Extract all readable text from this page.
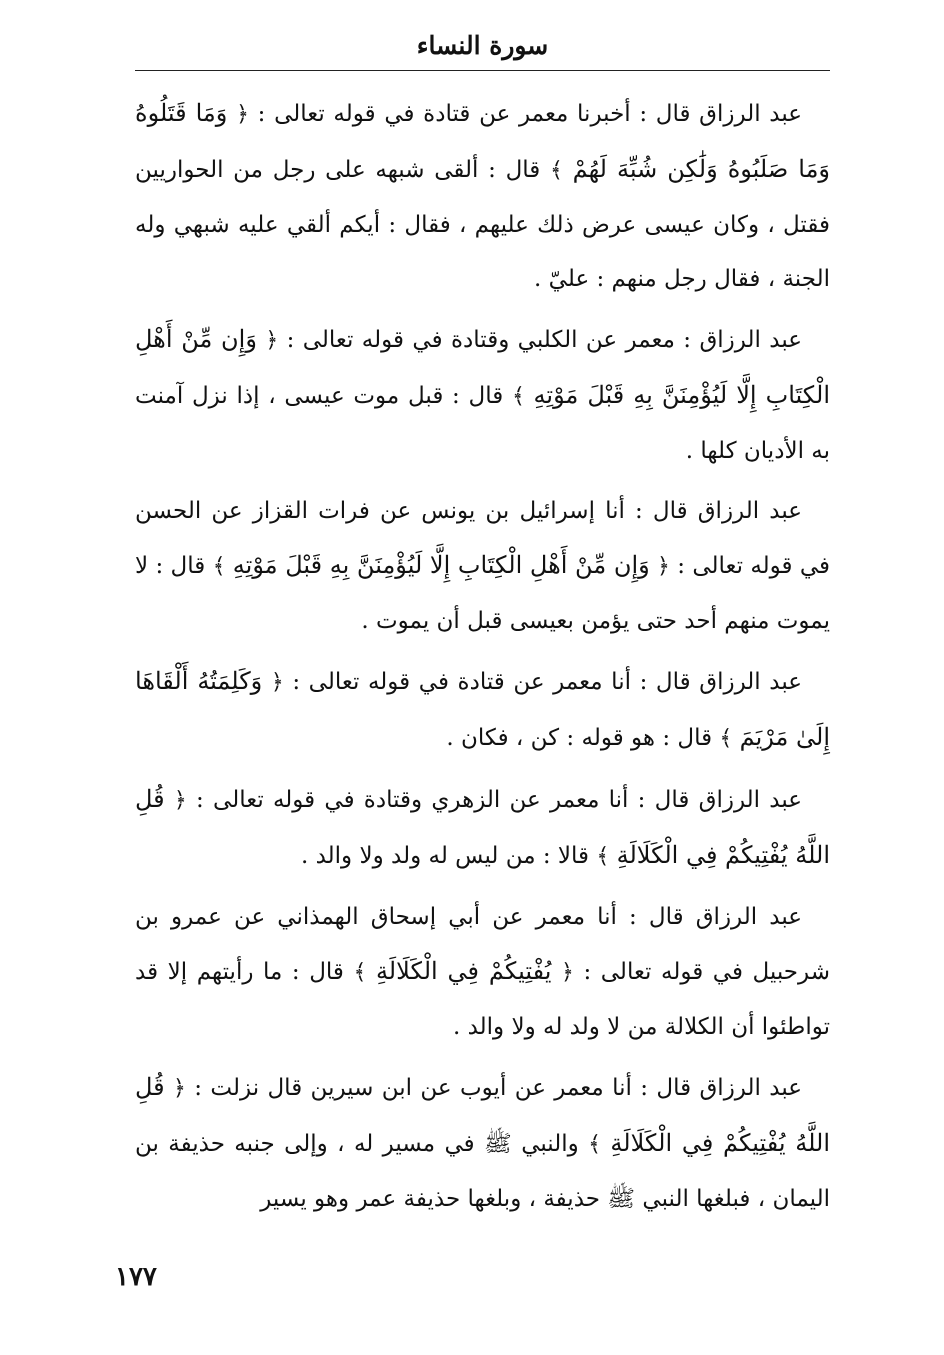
سورة النساء

عبد الرزاق قال : أخبرنا معمر عن قتادة في قوله تعالى : ﴿ وَمَا قَتَلُوهُ وَمَا صَلَبُوهُ وَلَٰكِن شُبِّهَ لَهُمْ ﴾ قال : ألقى شبهه على رجل من الحواريين فقتل ، وكان عيسى عرض ذلك عليهم ، فقال : أيكم ألقي عليه شبهي وله الجنة ، فقال رجل منهم : عليّ .

عبد الرزاق : معمر عن الكلبي وقتادة في قوله تعالى : ﴿ وَإِن مِّنْ أَهْلِ الْكِتَابِ إِلَّا لَيُؤْمِنَنَّ بِهِ قَبْلَ مَوْتِهِ ﴾ قال : قبل موت عيسى ، إذا نزل آمنت به الأديان كلها .

عبد الرزاق قال : أنا إسرائيل بن يونس عن فرات القزاز عن الحسن في قوله تعالى : ﴿ وَإِن مِّنْ أَهْلِ الْكِتَابِ إِلَّا لَيُؤْمِنَنَّ بِهِ قَبْلَ مَوْتِهِ ﴾ قال : لا يموت منهم أحد حتى يؤمن بعيسى قبل أن يموت .

عبد الرزاق قال : أنا معمر عن قتادة في قوله تعالى : ﴿ وَكَلِمَتُهُ أَلْقَاهَا إِلَىٰ مَرْيَمَ ﴾ قال : هو قوله : كن ، فكان .

عبد الرزاق قال : أنا معمر عن الزهري وقتادة في قوله تعالى : ﴿ قُلِ اللَّهُ يُفْتِيكُمْ فِي الْكَلَالَةِ ﴾ قالا : من ليس له ولد ولا والد .

عبد الرزاق قال : أنا معمر عن أبي إسحاق الهمذاني عن عمرو بن شرحبيل في قوله تعالى : ﴿ يُفْتِيكُمْ فِي الْكَلَالَةِ ﴾ قال : ما رأيتهم إلا قد تواطئوا أن الكلالة من لا ولد له ولا والد .

عبد الرزاق قال : أنا معمر عن أيوب عن ابن سيرين قال نزلت : ﴿ قُلِ اللَّهُ يُفْتِيكُمْ فِي الْكَلَالَةِ ﴾ والنبي ﷺ في مسير له ، وإلى جنبه حذيفة بن اليمان ، فبلغها النبي ﷺ حذيفة ، وبلغها حذيفة عمر وهو يسير

١٧٧
